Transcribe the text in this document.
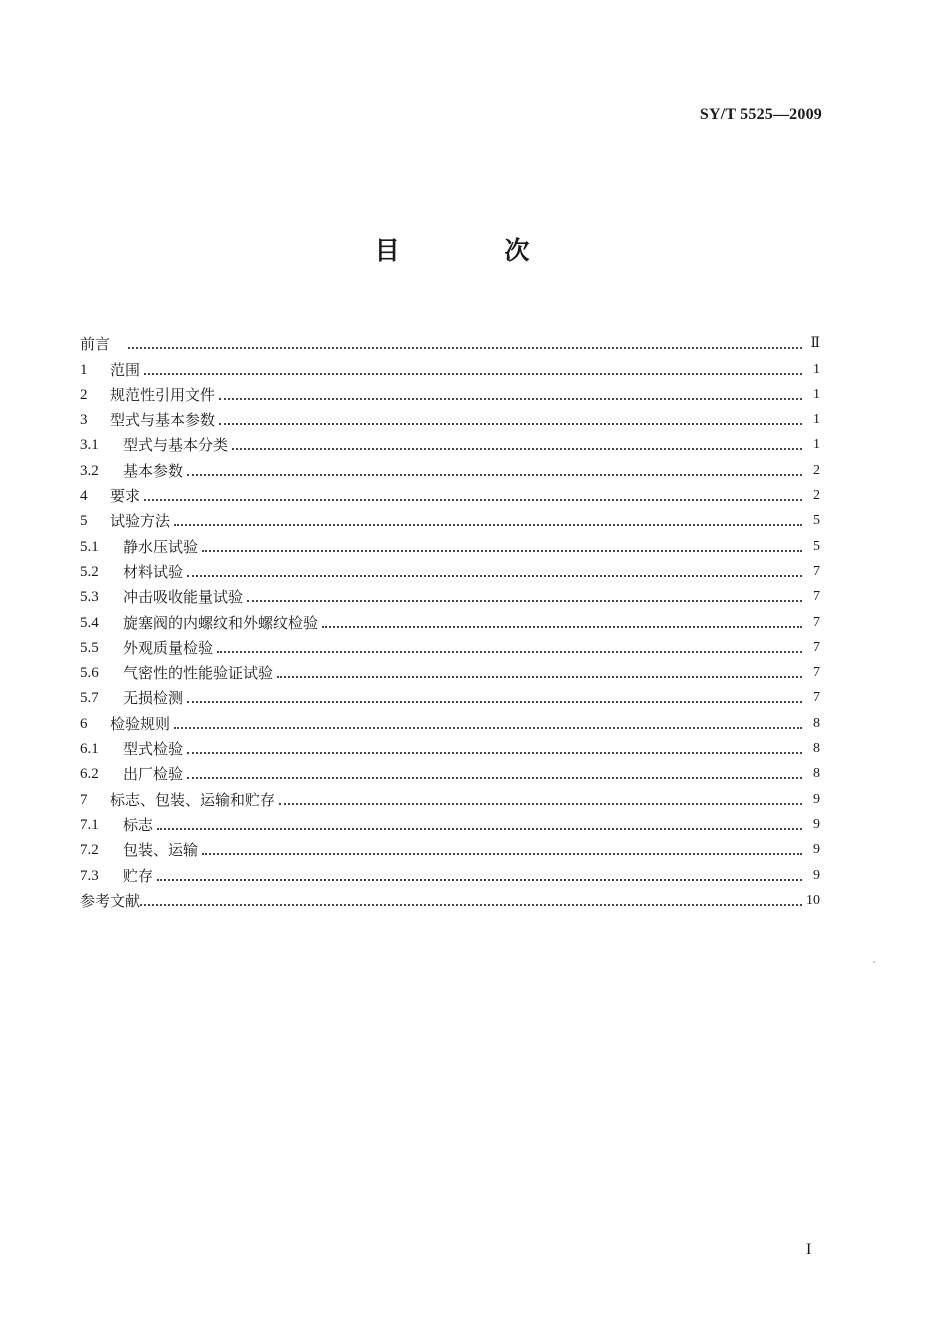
SY/T 5525—2009
目 次
前言	Ⅱ
1	范围	1
2	规范性引用文件	1
3	型式与基本参数	1
3.1	型式与基本分类	1
3.2	基本参数	2
4	要求	2
5	试验方法	5
5.1	静水压试验	5
5.2	材料试验	7
5.3	冲击吸收能量试验	7
5.4	旋塞阀的内螺纹和外螺纹检验	7
5.5	外观质量检验	7
5.6	气密性的性能验证试验	7
5.7	无损检测	7
6	检验规则	8
6.1	型式检验	8
6.2	出厂检验	8
7	标志、包装、运输和贮存	9
7.1	标志	9
7.2	包装、运输	9
7.3	贮存	9
参考文献	10
I
